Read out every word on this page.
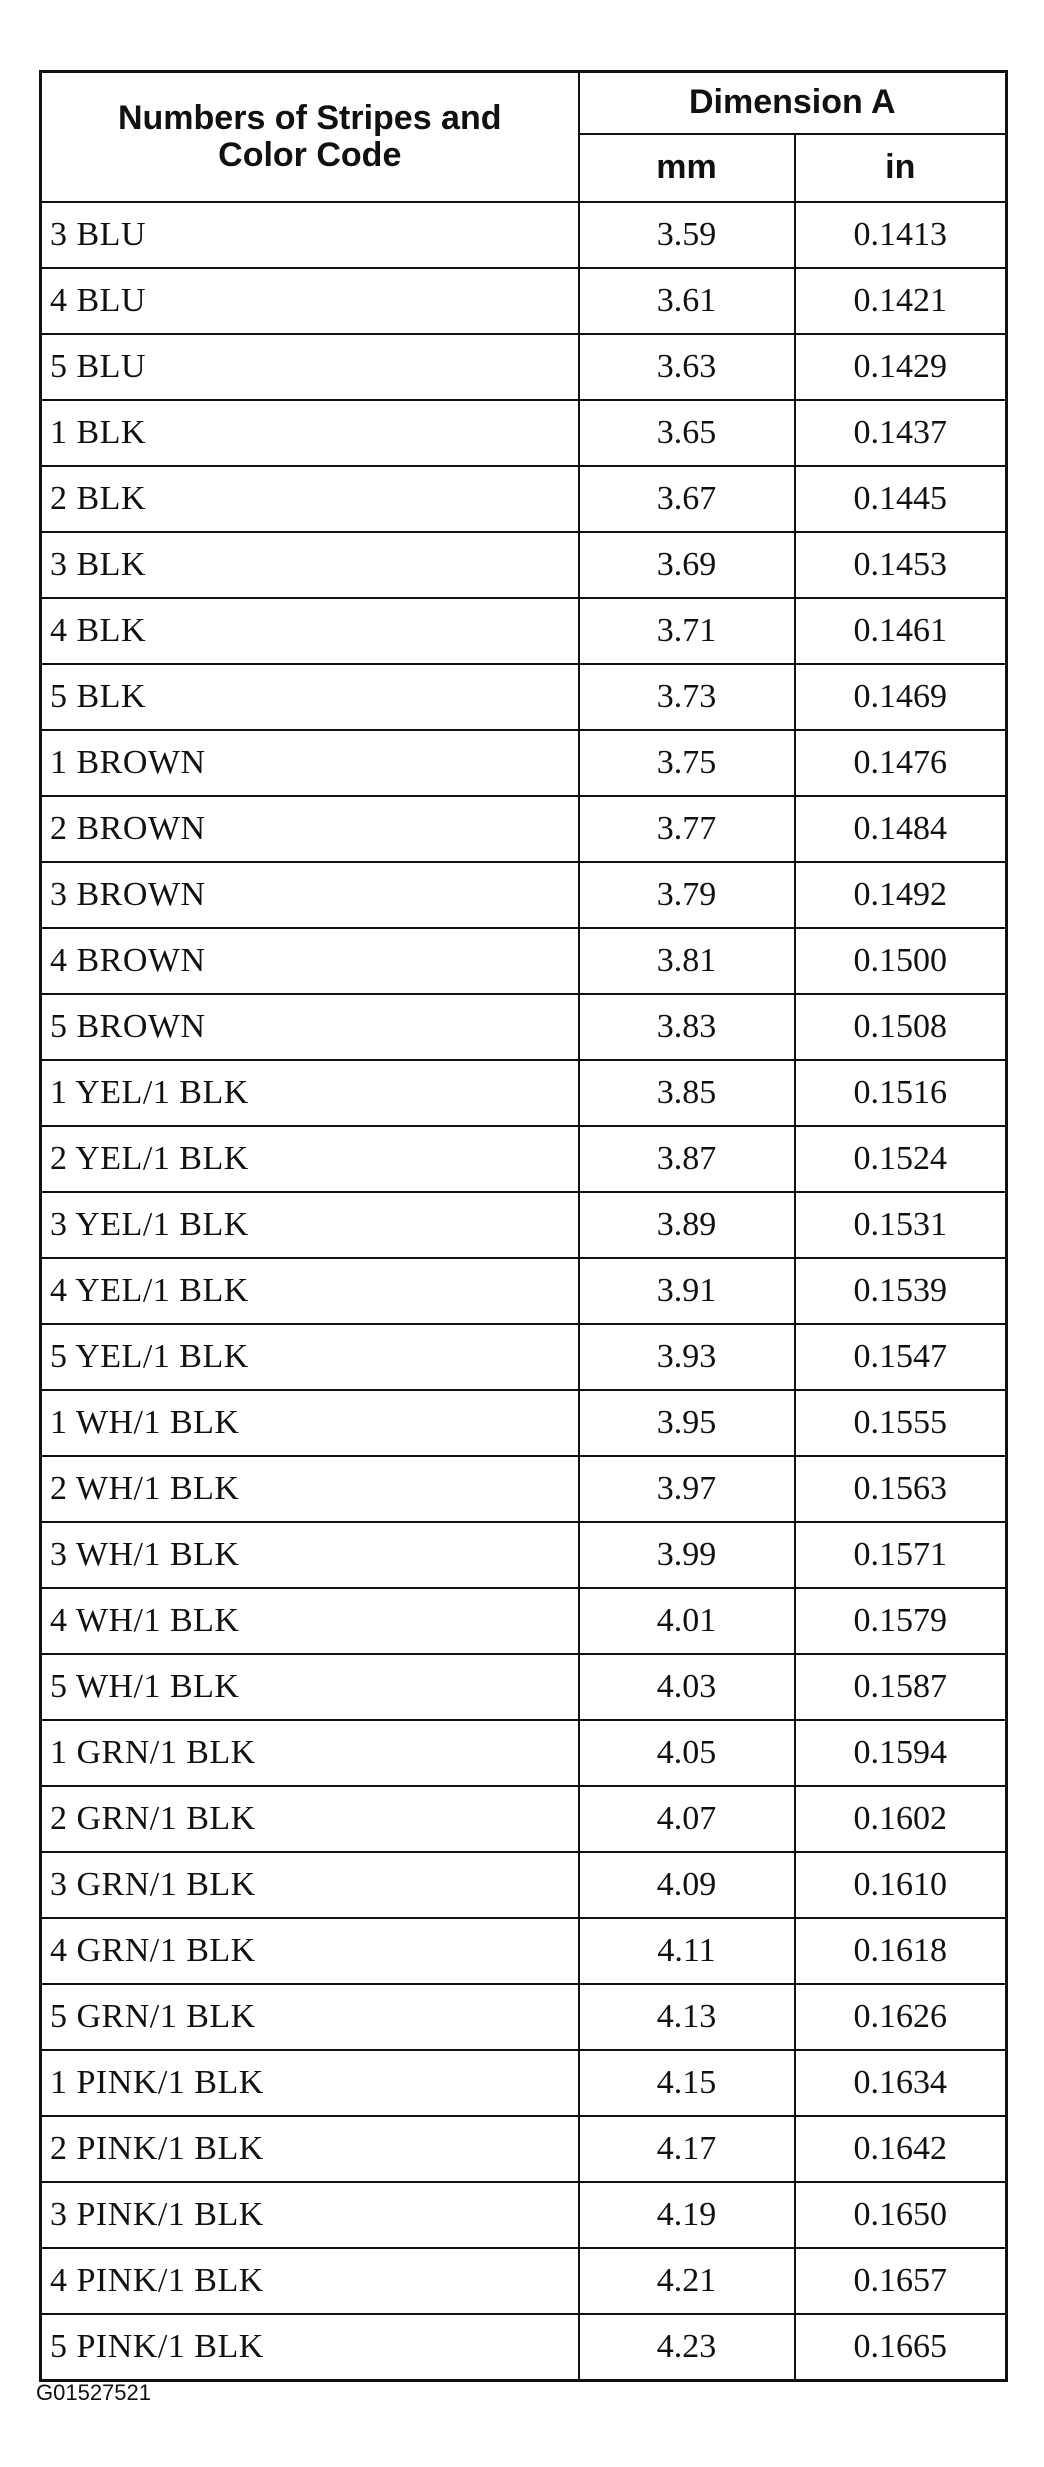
Numbers of Stripes and
Color Code	Dimension A	
	mm	in
3 BLU	3.59	0.1413
4 BLU	3.61	0.1421
5 BLU	3.63	0.1429
1 BLK	3.65	0.1437
2 BLK	3.67	0.1445
3 BLK	3.69	0.1453
4 BLK	3.71	0.1461
5 BLK	3.73	0.1469
1 BROWN	3.75	0.1476
2 BROWN	3.77	0.1484
3 BROWN	3.79	0.1492
4 BROWN	3.81	0.1500
5 BROWN	3.83	0.1508
1 YEL/1 BLK	3.85	0.1516
2 YEL/1 BLK	3.87	0.1524
3 YEL/1 BLK	3.89	0.1531
4 YEL/1 BLK	3.91	0.1539
5 YEL/1 BLK	3.93	0.1547
1 WH/1 BLK	3.95	0.1555
2 WH/1 BLK	3.97	0.1563
3 WH/1 BLK	3.99	0.1571
4 WH/1 BLK	4.01	0.1579
5 WH/1 BLK	4.03	0.1587
1 GRN/1 BLK	4.05	0.1594
2 GRN/1 BLK	4.07	0.1602
3 GRN/1 BLK	4.09	0.1610
4 GRN/1 BLK	4.11	0.1618
5 GRN/1 BLK	4.13	0.1626
1 PINK/1 BLK	4.15	0.1634
2 PINK/1 BLK	4.17	0.1642
3 PINK/1 BLK	4.19	0.1650
4 PINK/1 BLK	4.21	0.1657
5 PINK/1 BLK	4.23	0.1665
G01527521
